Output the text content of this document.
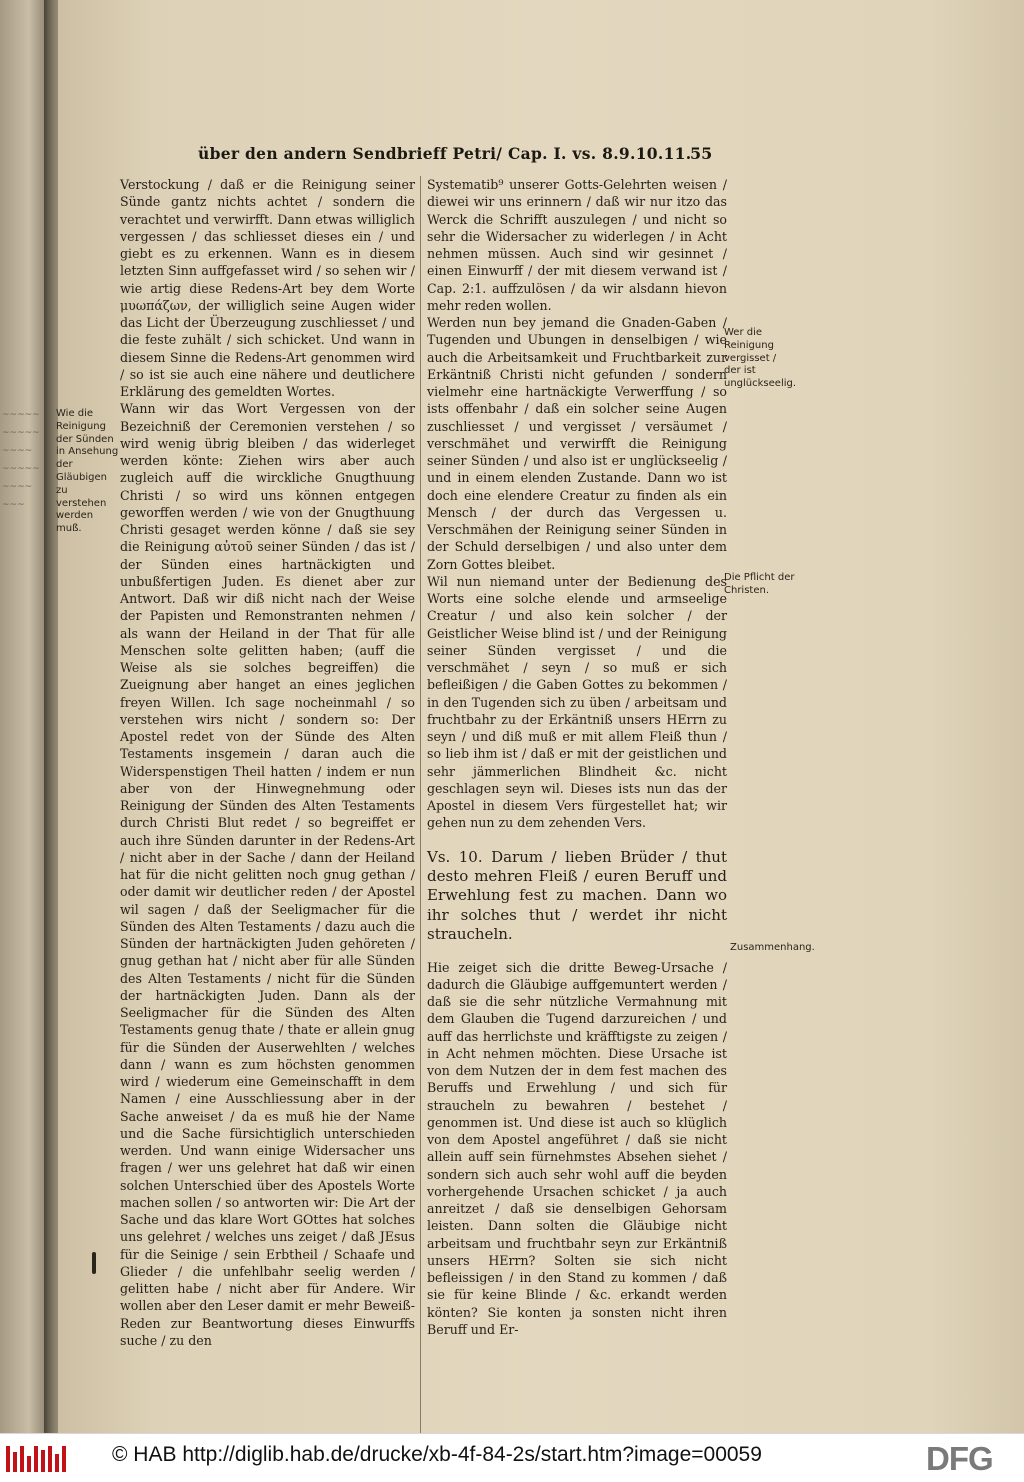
~~~~~
~~~~~
~~~~
~~~~~
~~~~
~~~
über den andern Sendbrieff Petri/ Cap. I. vs. 8.9.10.11.
55

Verstockung / daß er die Reinigung seiner Sünde gantz nichts achtet / sondern die verachtet und verwirfft. Dann etwas williglich vergessen / das schliesset dieses ein / und giebt es zu erkennen. Wann es in diesem letzten Sinn auffgefasset wird / so sehen wir / wie artig diese Redens-Art bey dem Worte μυωπάζων, der williglich seine Augen wider das Licht der Überzeugung zuschliesset / und die feste zuhält / sich schicket. Und wann in diesem Sinne die Redens-Art genommen wird / so ist sie auch eine nähere und deutlichere Erklärung des gemeldten Wortes.

Wann wir das Wort Vergessen von der Bezeichniß der Ceremonien verstehen / so wird wenig übrig bleiben / das widerleget werden könte: Ziehen wirs aber auch zugleich auff die wirckliche Gnugthuung Christi / so wird uns können entgegen geworffen werden / wie von der Gnugthuung Christi gesaget werden könne / daß sie sey die Reinigung αὐτοῦ seiner Sünden / das ist / der Sünden eines hartnäckigten und unbußfertigen Juden. Es dienet aber zur Antwort. Daß wir diß nicht nach der Weise der Papisten und Remonstranten nehmen / als wann der Heiland in der That für alle Menschen solte gelitten haben; (auff die Weise als sie solches begreiffen) die Zueignung aber hanget an eines jeglichen freyen Willen. Ich sage nocheinmahl / so verstehen wirs nicht / sondern so: Der Apostel redet von der Sünde des Alten Testaments insgemein / daran auch die Widerspenstigen Theil hatten / indem er nun aber von der Hinwegnehmung oder Reinigung der Sünden des Alten Testaments durch Christi Blut redet / so begreiffet er auch ihre Sünden darunter in der Redens-Art / nicht aber in der Sache / dann der Heiland hat für die nicht gelitten noch gnug gethan / oder damit wir deutlicher reden / der Apostel wil sagen / daß der Seeligmacher für die Sünden des Alten Testaments / dazu auch die Sünden der hartnäckigten Juden gehöreten / gnug gethan hat / nicht aber für alle Sünden des Alten Testaments / nicht für die Sünden der hartnäckigten Juden. Dann als der Seeligmacher für die Sünden des Alten Testaments genug thate / thate er allein gnug für die Sünden der Auserwehlten / welches dann / wann es zum höchsten genommen wird / wiederum eine Gemeinschafft in dem Namen / eine Ausschliessung aber in der Sache anweiset / da es muß hie der Name und die Sache fürsichtiglich unterschieden werden. Und wann einige Widersacher uns fragen / wer uns gelehret hat daß wir einen solchen Unterschied über des Apostels Worte machen sollen / so antworten wir: Die Art der Sache und das klare Wort GOttes hat solches uns gelehret / welches uns zeiget / daß JEsus für die Seinige / sein Erbtheil / Schaafe und Glieder / die unfehlbahr seelig werden / gelitten habe / nicht aber für Andere. Wir wollen aber den Leser damit er mehr Beweiß-Reden zur Beantwortung dieses Einwurffs suche / zu den

Systematib⁹ unserer Gotts-Gelehrten weisen / diewei wir uns erinnern / daß wir nur itzo das Werck die Schrifft auszulegen / und nicht so sehr die Widersacher zu widerlegen / in Acht nehmen müssen. Auch sind wir gesinnet / einen Einwurff / der mit diesem verwand ist / Cap. 2:1. auffzulösen / da wir alsdann hievon mehr reden wollen.

Werden nun bey jemand die Gnaden-Gaben / Tugenden und Ubungen in denselbigen / wie auch die Arbeitsamkeit und Fruchtbarkeit zur Erkäntniß Christi nicht gefunden / sondern vielmehr eine hartnäckigte Verwerffung / so ists offenbahr / daß ein solcher seine Augen zuschliesset / und vergisset / versäumet / verschmähet und verwirfft die Reinigung seiner Sünden / und also ist er unglückseelig / und in einem elenden Zustande. Dann wo ist doch eine elendere Creatur zu finden als ein Mensch / der durch das Vergessen u. Verschmähen der Reinigung seiner Sünden in der Schuld derselbigen / und also unter dem Zorn Gottes bleibet.

Wil nun niemand unter der Bedienung des Worts eine solche elende und armseelige Creatur / und also kein solcher / der Geistlicher Weise blind ist / und der Reinigung seiner Sünden vergisset / und die verschmähet / seyn / so muß er sich befleißigen / die Gaben Gottes zu bekommen / in den Tugenden sich zu üben / arbeitsam und fruchtbahr zu der Erkäntniß unsers HErrn zu seyn / und diß muß er mit allem Fleiß thun / so lieb ihm ist / daß er mit der geistlichen und sehr jämmerlichen Blindheit &c. nicht geschlagen seyn wil. Dieses ists nun das der Apostel in diesem Vers fürgestellet hat; wir gehen nun zu dem zehenden Vers.

Vs. 10. Darum / lieben Brüder / thut desto mehren Fleiß / euren Beruff und Erwehlung fest zu machen. Dann wo ihr solches thut / werdet ihr nicht straucheln.

Hie zeiget sich die dritte Beweg-Ursache / dadurch die Gläubige auffgemuntert werden / daß sie die sehr nützliche Vermahnung mit dem Glauben die Tugend darzureichen / und auff das herrlichste und kräfftigste zu zeigen / in Acht nehmen möchten. Diese Ursache ist von dem Nutzen der in dem fest machen des Beruffs und Erwehlung / und sich für straucheln zu bewahren / bestehet / genommen ist. Und diese ist auch so klüglich von dem Apostel angeführet / daß sie nicht allein auff sein fürnehmstes Absehen siehet / sondern sich auch sehr wohl auff die beyden vorhergehende Ursachen schicket / ja auch anreitzet / daß sie denselbigen Gehorsam leisten. Dann solten die Gläubige nicht arbeitsam und fruchtbahr seyn zur Erkäntniß unsers HErrn? Solten sie sich nicht befleissigen / in den Stand zu kommen / daß sie für keine Blinde / &c. erkandt werden könten? Sie konten ja sonsten nicht ihren Beruff und Er-

Wie die Reinigung der Sünden in Ansehung der Gläubigen zu verstehen werden muß.
Wer die Reinigung vergisset / der ist unglückseelig.
Die Pflicht der Christen.
Zusammenhang.
© HAB http://diglib.hab.de/drucke/xb-4f-84-2s/start.htm?image=00059	DFG
